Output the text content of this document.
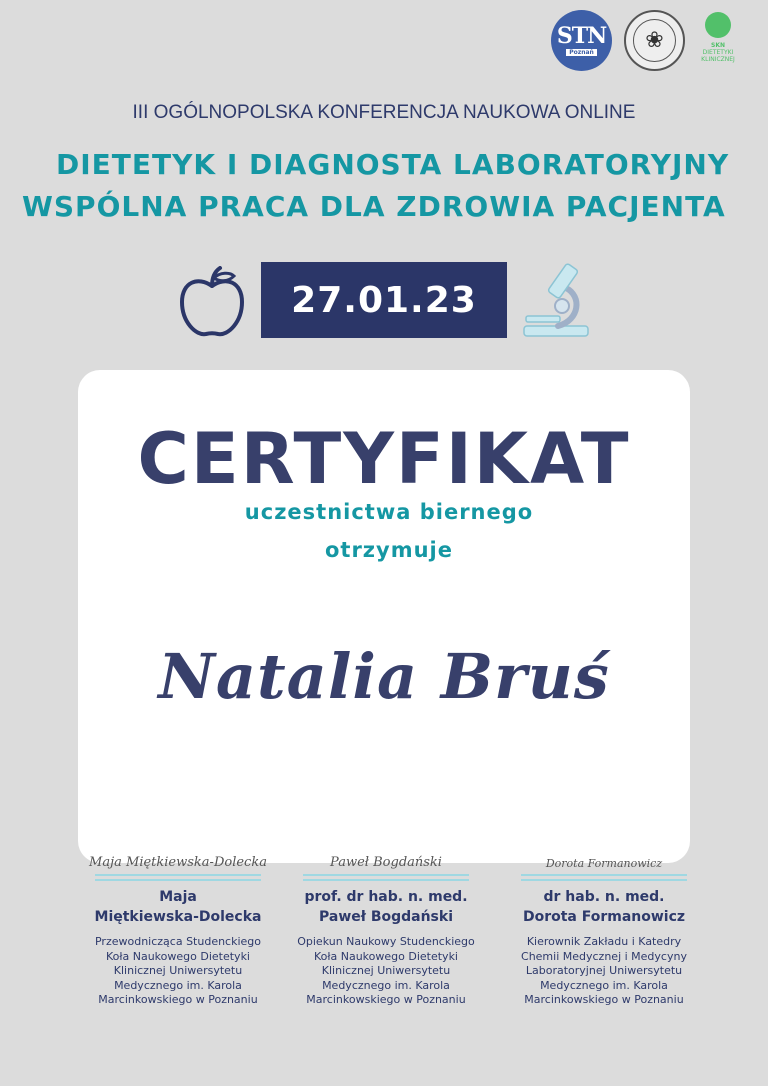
STN
Poznań	❀	SKN
DIETETYKI
KLINICZNEJ
III OGÓLNOPOLSKA KONFERENCJA NAUKOWA ONLINE
DIETETYK I DIAGNOSTA LABORATORYJNY
WSPÓLNA PRACA DLA ZDROWIA PACJENTA
27.01.23
CERTYFIKAT
uczestnictwa biernego
otrzymuje
Natalia Bruś
Maja Miętkiewska-Dolecka
Maja
Miętkiewska-Dolecka
Przewodnicząca Studenckiego
Koła Naukowego Dietetyki
Klinicznej Uniwersytetu
Medycznego im. Karola
Marcinkowskiego w Poznaniu
Paweł Bogdański
prof. dr hab. n. med.
Paweł Bogdański
Opiekun Naukowy Studenckiego
Koła Naukowego Dietetyki
Klinicznej Uniwersytetu
Medycznego im. Karola
Marcinkowskiego w Poznaniu
Dorota Formanowicz
dr hab. n. med.
Dorota Formanowicz
Kierownik Zakładu i Katedry
Chemii Medycznej i Medycyny
Laboratoryjnej Uniwersytetu
Medycznego im. Karola
Marcinkowskiego w Poznaniu
